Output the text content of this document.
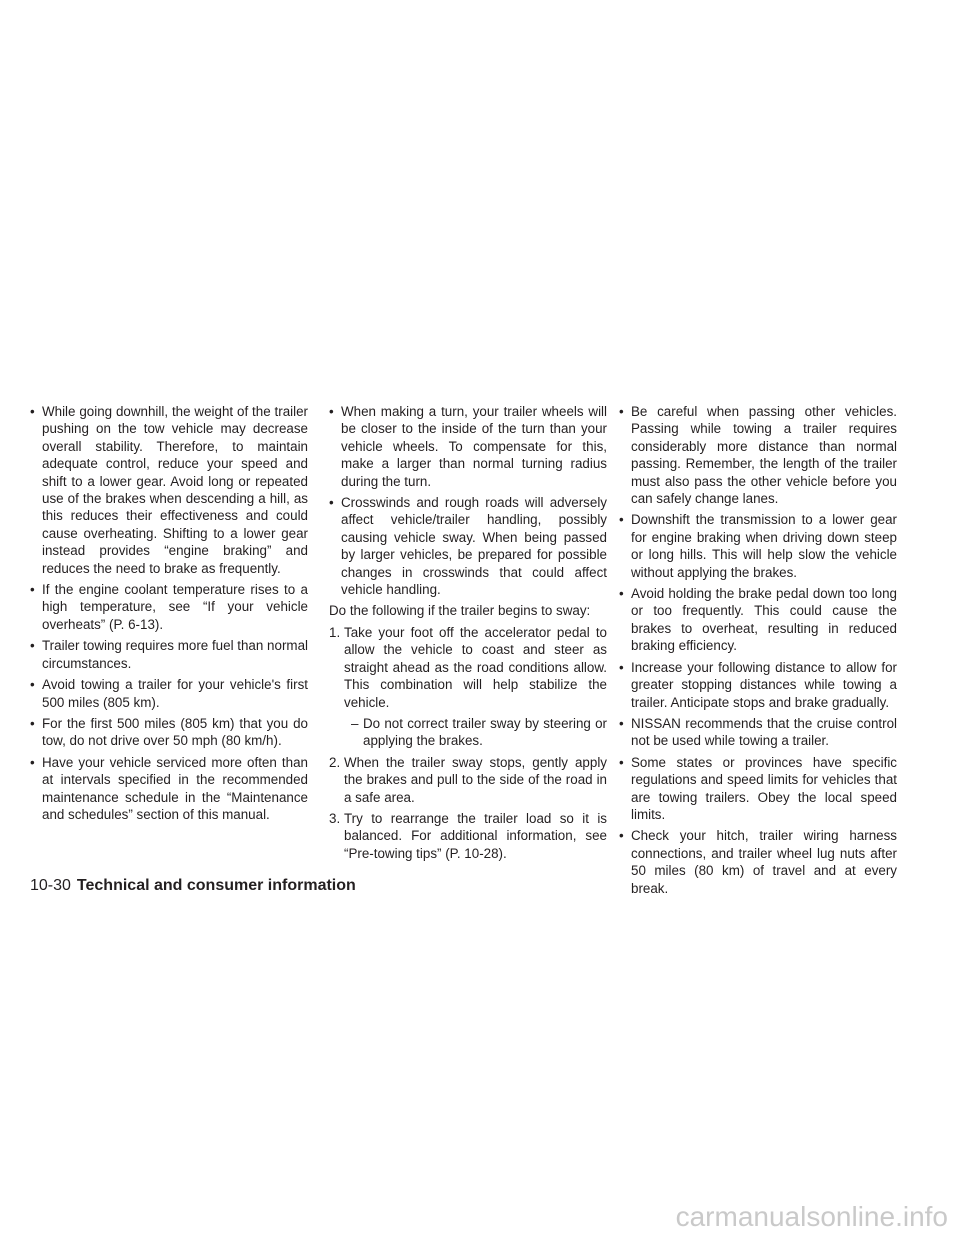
• While going downhill, the weight of the trailer pushing on the tow vehicle may decrease overall stability. Therefore, to maintain adequate control, reduce your speed and shift to a lower gear. Avoid long or repeated use of the brakes when descending a hill, as this reduces their effectiveness and could cause overheating. Shifting to a lower gear instead provides “engine braking” and reduces the need to brake as frequently.

• If the engine coolant temperature rises to a high temperature, see “If your vehicle overheats” (P. 6-13).

• Trailer towing requires more fuel than normal circumstances.

• Avoid towing a trailer for your vehicle's first 500 miles (805 km).

• For the first 500 miles (805 km) that you do tow, do not drive over 50 mph (80 km/h).

• Have your vehicle serviced more often than at intervals specified in the recommended maintenance schedule in the “Maintenance and schedules” section of this manual.

• When making a turn, your trailer wheels will be closer to the inside of the turn than your vehicle wheels. To compensate for this, make a larger than normal turning radius during the turn.

• Crosswinds and rough roads will adversely affect vehicle/trailer handling, possibly causing vehicle sway. When being passed by larger vehicles, be prepared for possible changes in crosswinds that could affect vehicle handling.

Do the following if the trailer begins to sway:

1. Take your foot off the accelerator pedal to allow the vehicle to coast and steer as straight ahead as the road conditions allow. This combination will help stabilize the vehicle.
– Do not correct trailer sway by steering or applying the brakes.
2. When the trailer sway stops, gently apply the brakes and pull to the side of the road in a safe area.
3. Try to rearrange the trailer load so it is balanced. For additional information, see “Pre-towing tips” (P. 10-28).

• Be careful when passing other vehicles. Passing while towing a trailer requires considerably more distance than normal passing. Remember, the length of the trailer must also pass the other vehicle before you can safely change lanes.

• Downshift the transmission to a lower gear for engine braking when driving down steep or long hills. This will help slow the vehicle without applying the brakes.

• Avoid holding the brake pedal down too long or too frequently. This could cause the brakes to overheat, resulting in reduced braking efficiency.

• Increase your following distance to allow for greater stopping distances while towing a trailer. Anticipate stops and brake gradually.

• NISSAN recommends that the cruise control not be used while towing a trailer.

• Some states or provinces have specific regulations and speed limits for vehicles that are towing trailers. Obey the local speed limits.

• Check your hitch, trailer wiring harness connections, and trailer wheel lug nuts after 50 miles (80 km) of travel and at every break.

10-30 Technical and consumer information
carmanualsonline.info
